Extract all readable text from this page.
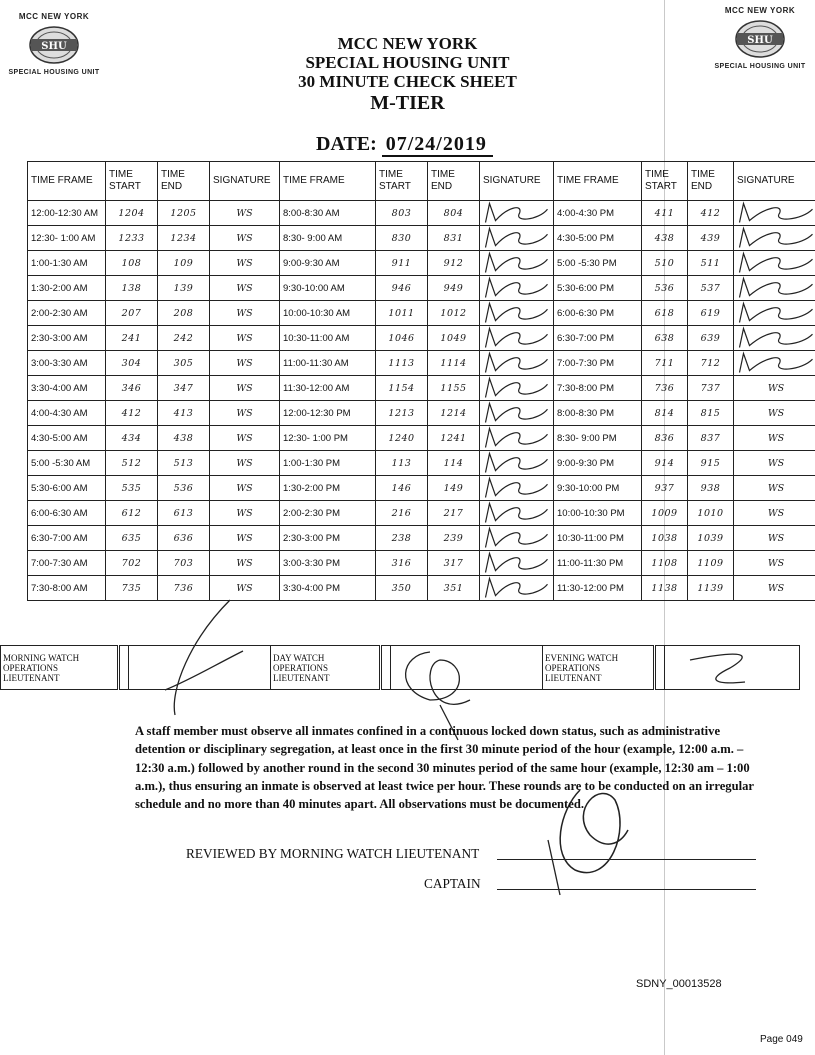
MCC NEW YORK
SHU
SPECIAL HOUSING UNIT
MCC NEW YORK
SHU
SPECIAL HOUSING UNIT
MCC NEW YORK
SPECIAL HOUSING UNIT
30 MINUTE CHECK SHEET
M-TIER
DATE: 07/24/2019
TIME FRAME	TIME START	TIME END	SIGNATURE	TIME FRAME	TIME START	TIME END	SIGNATURE	TIME FRAME	TIME START	TIME END	SIGNATURE
12:00-12:30 AM	1204	1205	WS	8:00-8:30 AM	803	804		4:00-4:30 PM	411	412	
12:30- 1:00 AM	1233	1234	WS	8:30- 9:00 AM	830	831		4:30-5:00 PM	438	439	
1:00-1:30 AM	108	109	WS	9:00-9:30 AM	911	912		5:00 -5:30 PM	510	511	
1:30-2:00 AM	138	139	WS	9:30-10:00 AM	946	949		5:30-6:00 PM	536	537	
2:00-2:30 AM	207	208	WS	10:00-10:30 AM	1011	1012		6:00-6:30 PM	618	619	
2:30-3:00 AM	241	242	WS	10:30-11:00 AM	1046	1049		6:30-7:00 PM	638	639	
3:00-3:30 AM	304	305	WS	11:00-11:30 AM	1113	1114		7:00-7:30 PM	711	712	
3:30-4:00 AM	346	347	WS	11:30-12:00 AM	1154	1155		7:30-8:00 PM	736	737	WS
4:00-4:30 AM	412	413	WS	12:00-12:30 PM	1213	1214		8:00-8:30 PM	814	815	WS
4:30-5:00 AM	434	438	WS	12:30- 1:00 PM	1240	1241		8:30- 9:00 PM	836	837	WS
5:00 -5:30 AM	512	513	WS	1:00-1:30 PM	113	114		9:00-9:30 PM	914	915	WS
5:30-6:00 AM	535	536	WS	1:30-2:00 PM	146	149		9:30-10:00 PM	937	938	WS
6:00-6:30 AM	612	613	WS	2:00-2:30 PM	216	217		10:00-10:30 PM	1009	1010	WS
6:30-7:00 AM	635	636	WS	2:30-3:00 PM	238	239		10:30-11:00 PM	1038	1039	WS
7:00-7:30 AM	702	703	WS	3:00-3:30 PM	316	317		11:00-11:30 PM	1108	1109	WS
7:30-8:00 AM	735	736	WS	3:30-4:00 PM	350	351		11:30-12:00 PM	1138	1139	WS
MORNING WATCH OPERATIONS LIEUTENANT			DAY WATCH OPERATIONS LIEUTENANT			EVENING WATCH OPERATIONS LIEUTENANT		
A staff member must observe all inmates confined in a continuous locked down status, such as administrative detention or disciplinary segregation, at least once in the first 30 minute period of the hour (example, 12:00 a.m. – 12:30 a.m.) followed by another round in the second 30 minutes period of the same hour (example, 12:30 am – 1:00 a.m.), thus ensuring an inmate is observed at least twice per hour. These rounds are to be conducted on an irregular schedule and no more than 40 minutes apart. All observations must be documented.
REVIEWED BY MORNING WATCH LIEUTENANT
CAPTAIN
SDNY_00013528
Page 049
